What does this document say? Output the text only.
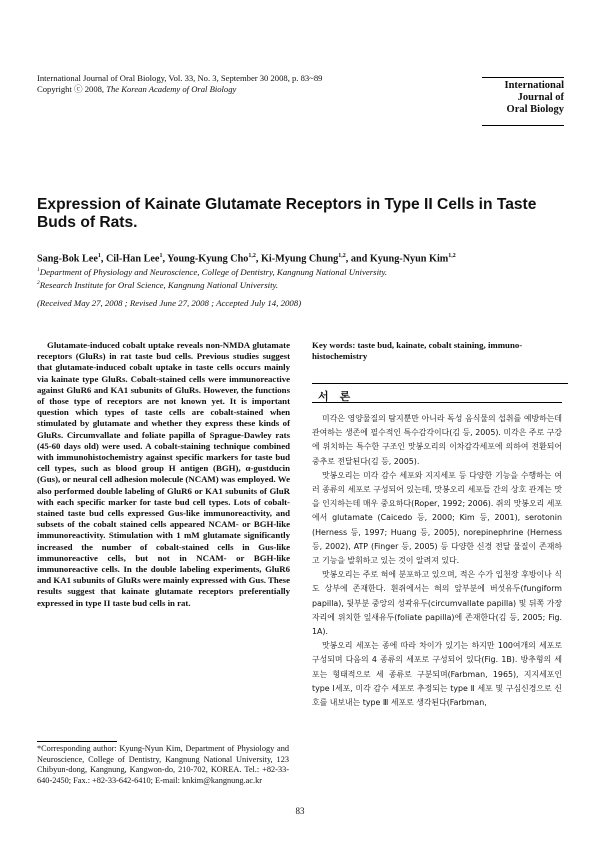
International Journal of Oral Biology, Vol. 33, No. 3, September 30 2008, p. 83~89
Copyright ⓒ 2008, The Korean Academy of Oral Biology	International
Journal of
Oral Biology
Expression of Kainate Glutamate Receptors in Type II Cells in Taste Buds of Rats.
Sang-Bok Lee$^1$, Cil-Han Lee$^1$, Young-Kyung Cho$^{1,2}$, Ki-Myung Chung$^{1,2}$, and Kyung-Nyun Kim$^{1,2}$
$^1$Department of Physiology and Neuroscience, College of Dentistry, Kangnung National University.
$^2$Research Institute for Oral Science, Kangnung National University.
(Received May 27, 2008 ; Revised June 27, 2008 ; Accepted July 14, 2008)
Glutamate-induced cobalt uptake reveals non-NMDA glutamate receptors (GluRs) in rat taste bud cells. Previous studies suggest that glutamate-induced cobalt uptake in taste cells occurs mainly via kainate type GluRs. Cobalt-stained cells were immunoreactive against GluR6 and KA1 subunits of GluRs. However, the functions of those type of receptors are not known yet. It is important question which types of taste cells are cobalt-stained when stimulated by glutamate and whether they express these kinds of GluRs. Circumvallate and foliate papilla of Sprague-Dawley rats (45-60 days old) were used. A cobalt-staining technique combined with immunohistochemistry against specific markers for taste bud cell types, such as blood group H antigen (BGH), α-gustducin (Gus), or neural cell adhesion molecule (NCAM) was employed. We also performed double labeling of GluR6 or KA1 subunits of GluR with each specific marker for taste bud cell types. Lots of cobalt-stained taste bud cells expressed Gus-like immunoreactivity, and subsets of the cobalt stained cells appeared NCAM- or BGH-like immunoreactivity. Stimulation with 1 mM glutamate significantly increased the number of cobalt-stained cells in Gus-like immunoreactive cells, but not in NCAM- or BGH-like immunoreactive cells. In the double labeling experiments, GluR6 and KA1 subunits of GluRs were mainly expressed with Gus. These results suggest that kainate glutamate receptors preferentially expressed in type II taste bud cells in rat.
Key words: taste bud, kainate, cobalt staining, immuno-histochemistry
서　론

미각은 영양물질의 탐지뿐만 아니라 독성 음식물의 섭취를 예방하는데 관여하는 생존에 필수적인 특수감각이다(김 등, 2005). 미각은 주로 구강에 위치하는 특수한 구조인 맛봉오리의 이차감각세포에 의하여 전환되어 중추로 전달된다(김 등, 2005).

맛봉오리는 미각 감수 세포와 지지세포 등 다양한 기능을 수행하는 여러 종류의 세포로 구성되어 있는데, 맛봉오리 세포들 간의 상호 관계는 맛을 인지하는데 매우 중요하다(Roper, 1992; 2006). 쥐의 맛봉오리 세포에서 glutamate (Caicedo 등, 2000; Kim 등, 2001), serotonin (Herness 등, 1997; Huang 등, 2005), norepinephrine (Herness 등, 2002), ATP (Finger 등, 2005) 등 다양한 신경 전달 물질이 존재하고 기능을 발휘하고 있는 것이 알려져 있다.

맛봉오리는 주로 혀에 분포하고 있으며, 적은 수가 입천장 후방이나 식도 상부에 존재한다. 흰쥐에서는 혀의 앞부분에 버섯유두(fungiform papilla), 뒷부분 중앙의 성곽유두(circumvallate papilla) 및 뒤쪽 가장자리에 위치한 잎새유두(foliate papilla)에 존재한다(김 등, 2005; Fig. 1A).

맛봉오리 세포는 종에 따라 차이가 있기는 하지만 100여개의 세포로 구성되며 다음의 4 종류의 세포로 구성되어 있다(Fig. 1B). 방추형의 세포는 형태적으로 세 종류로 구분되며(Farbman, 1965), 지지세포인 type Ⅰ세포, 미각 감수 세포로 추정되는 type Ⅱ 세포 및 구심신경으로 신호를 내보내는 type Ⅲ 세포로 생각된다(Farbman,

*Corresponding author: Kyung-Nyun Kim, Department of Physiology and Neuroscience, College of Dentistry, Kangnung National University, 123 Chibyun-dong, Kangnung, Kangwon-do, 210-702, KOREA. Tel.: +82-33-640-2450; Fax.: +82-33-642-6410; E-mail: knkim@kangnung.ac.kr
83
